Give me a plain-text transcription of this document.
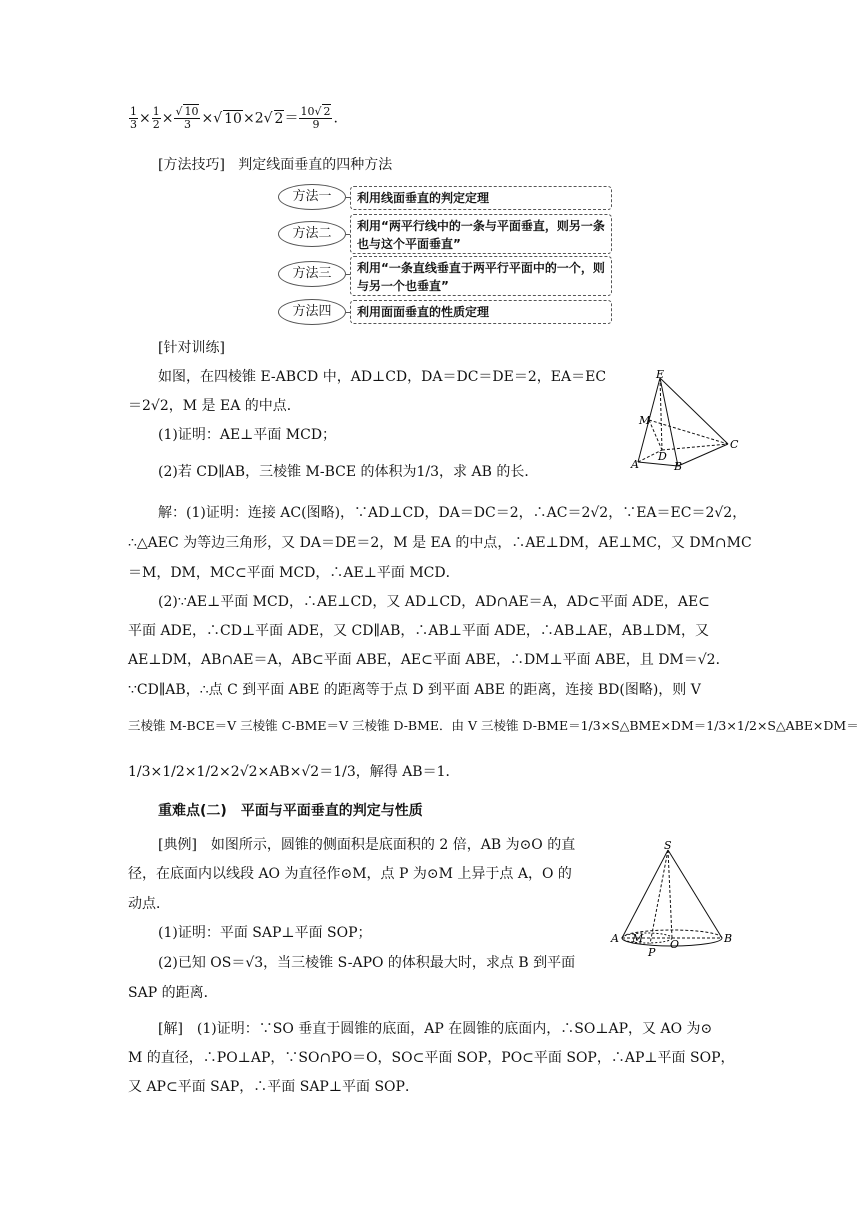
$\frac{1}{3} \times \frac{1}{2} \times \frac{√ 10}{3}$ ×√ 10×2√ $2= \frac{10√ 2}{9}$ .
[方法技巧] 判定线面垂直的四种方法
方法一	利用线面垂直的判定定理
方法二	利用“两平行线中的一条与平面垂直，则另一条也与这个平面垂直”
方法三	利用“一条直线垂直于两平行平面中的一个，则与另一个也垂直”
方法四	利用面面垂直的性质定理
[针对训练]
如图，在四棱锥 E-ABCD 中，AD⊥CD，DA＝DC＝DE＝2，EA＝EC
＝2√2，M 是 EA 的中点．
(1)证明：AE⊥平面 MCD；
(2)若 CD∥AB，三棱锥 M-BCE 的体积为1/3，求 AB 的长．
E
M
A
D
B
C
解：(1)证明：连接 AC(图略)，∵AD⊥CD，DA＝DC＝2，∴AC＝2√2，∵EA＝EC＝2√2，
∴△AEC 为等边三角形，又 DA＝DE＝2，M 是 EA 的中点，∴AE⊥DM，AE⊥MC，又 DM∩MC
＝M，DM，MC⊂平面 MCD，∴AE⊥平面 MCD．
(2)∵AE⊥平面 MCD，∴AE⊥CD，又 AD⊥CD，AD∩AE＝A，AD⊂平面 ADE，AE⊂
平面 ADE，∴CD⊥平面 ADE，又 CD∥AB，∴AB⊥平面 ADE，∴AB⊥AE，AB⊥DM，又
AE⊥DM，AB∩AE＝A，AB⊂平面 ABE，AE⊂平面 ABE，∴DM⊥平面 ABE，且 DM＝√2．
∵CD∥AB，∴点 C 到平面 ABE 的距离等于点 D 到平面 ABE 的距离，连接 BD(图略)，则 V
三棱锥 M-BCE＝V 三棱锥 C-BME＝V 三棱锥 D-BME．由 V 三棱锥 D-BME＝1/3×S△BME×DM＝1/3×1/2×S△ABE×DM＝
1/3×1/2×1/2×2√2×AB×√2＝1/3，解得 AB＝1．
重难点(二)　平面与平面垂直的判定与性质
[典例]　如图所示，圆锥的侧面积是底面积的 2 倍，AB 为⊙O 的直
径，在底面内以线段 AO 为直径作⊙M，点 P 为⊙M 上异于点 A，O 的
动点．
(1)证明：平面 SAP⊥平面 SOP；
(2)已知 OS＝√3，当三棱锥 S-APO 的体积最大时，求点 B 到平面
SAP 的距离．
S
A M O	B
P
[解]　(1)证明：∵SO 垂直于圆锥的底面，AP 在圆锥的底面内，∴SO⊥AP，又 AO 为⊙
M 的直径，∴PO⊥AP，∵SO∩PO＝O，SO⊂平面 SOP，PO⊂平面 SOP，∴AP⊥平面 SOP，
又 AP⊂平面 SAP，∴平面 SAP⊥平面 SOP．
